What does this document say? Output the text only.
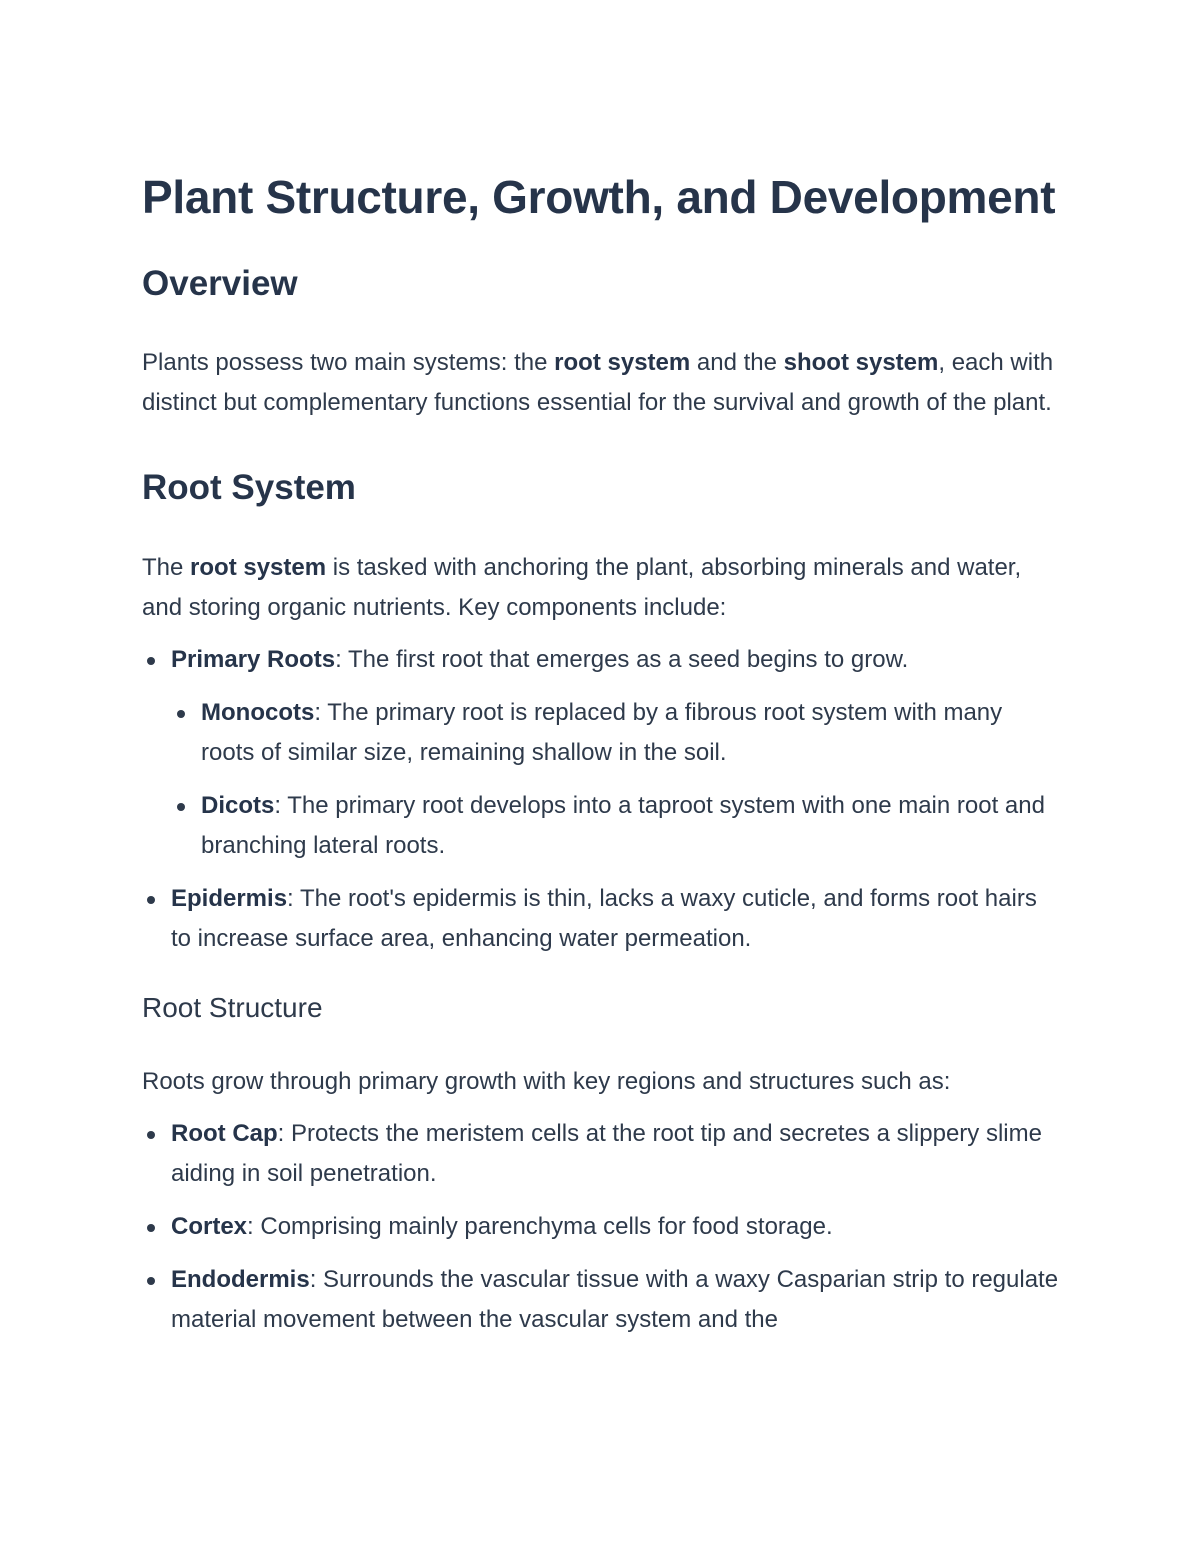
Plant Structure, Growth, and Development
Overview

Plants possess two main systems: the root system and the shoot system, each with distinct but complementary functions essential for the survival and growth of the plant.

Root System

The root system is tasked with anchoring the plant, absorbing minerals and water, and storing organic nutrients. Key components include:

Primary Roots: The first root that emerges as a seed begins to grow.
Monocots: The primary root is replaced by a fibrous root system with many roots of similar size, remaining shallow in the soil.
Dicots: The primary root develops into a taproot system with one main root and branching lateral roots.
Epidermis: The root's epidermis is thin, lacks a waxy cuticle, and forms root hairs to increase surface area, enhancing water permeation.
Root Structure

Roots grow through primary growth with key regions and structures such as:

Root Cap: Protects the meristem cells at the root tip and secretes a slippery slime aiding in soil penetration.
Cortex: Comprising mainly parenchyma cells for food storage.
Endodermis: Surrounds the vascular tissue with a waxy Casparian strip to regulate material movement between the vascular system and the
